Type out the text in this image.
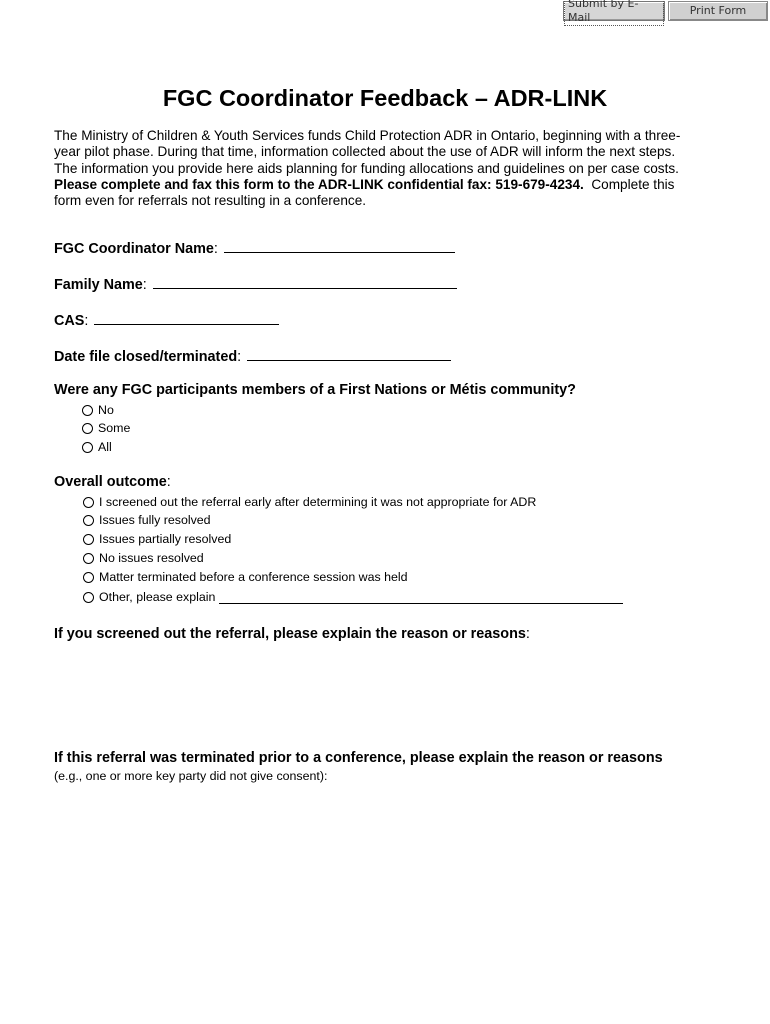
Submit by E-Mail
Print Form
FGC Coordinator Feedback – ADR-LINK
The Ministry of Children & Youth Services funds Child Protection ADR in Ontario, beginning with a three-
year pilot phase. During that time, information collected about the use of ADR will inform the next steps.
The information you provide here aids planning for funding allocations and guidelines on per case costs.
Please complete and fax this form to the ADR-LINK confidential fax: 519-679-4234.  Complete this
form even for referrals not resulting in a conference.
FGC Coordinator Name:
Family Name:
CAS:
Date file closed/terminated:
Were any FGC participants members of a First Nations or Métis community?
No
Some
All
Overall outcome:
I screened out the referral early after determining it was not appropriate for ADR
Issues fully resolved
Issues partially resolved
No issues resolved
Matter terminated before a conference session was held
Other, please explain
If you screened out the referral, please explain the reason or reasons:
If this referral was terminated prior to a conference, please explain the reason or reasons
(e.g., one or more key party did not give consent):
